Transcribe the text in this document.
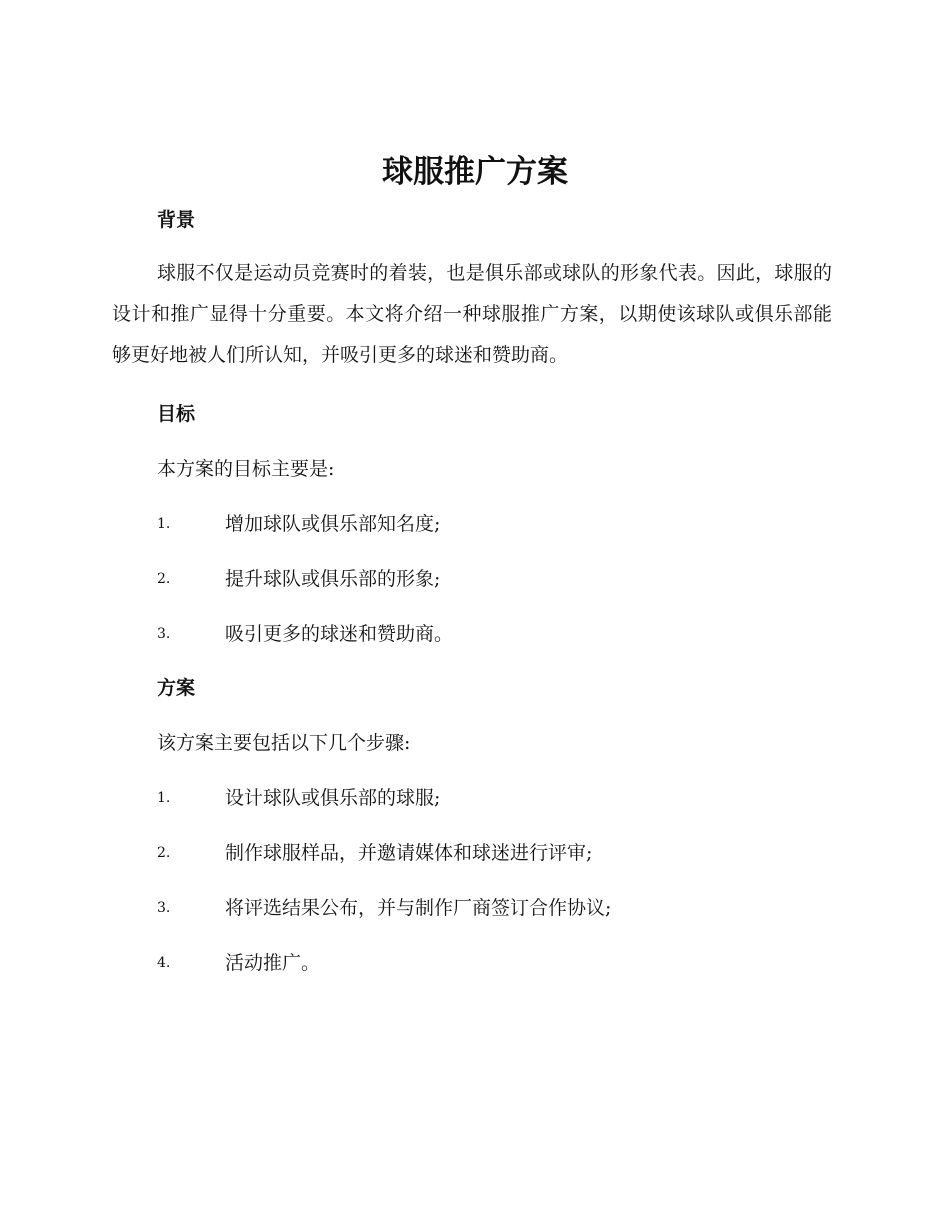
球服推广方案
背景

球服不仅是运动员竞赛时的着装，也是俱乐部或球队的形象代表。因此，球服的设计和推广显得十分重要。本文将介绍一种球服推广方案，以期使该球队或俱乐部能够更好地被人们所认知，并吸引更多的球迷和赞助商。

目标

本方案的目标主要是:

1.	增加球队或俱乐部知名度;
2.	提升球队或俱乐部的形象;
3.	吸引更多的球迷和赞助商。
方案

该方案主要包括以下几个步骤:

1.	设计球队或俱乐部的球服;
2.	制作球服样品，并邀请媒体和球迷进行评审;
3.	将评选结果公布，并与制作厂商签订合作协议;
4.	活动推广。
